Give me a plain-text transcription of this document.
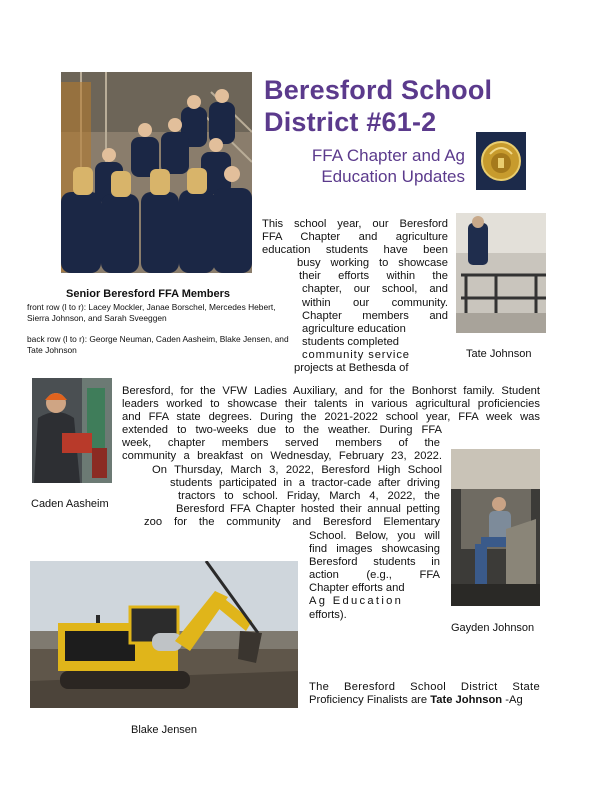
Beresford School
District #61-2
FFA Chapter and Ag
Education Updates
Senior Beresford FFA Members
front row (l to r): Lacey Mockler, Janae Borschel, Mercedes Hebert, Sierra Johnson, and Sarah Sveeggen
back row (l to r): George Neuman, Caden Aasheim, Blake Jensen, and Tate Johnson	Tate Johnson
This school year, our Beresford
FFA Chapter and agriculture
education students have been
busy working to showcase
their efforts within the
chapter, our school, and
within our community.
Chapter members and
agriculture education
students completed
community service
projects at Bethesda of
Caden Aasheim
Beresford, for the VFW Ladies Auxiliary, and for the Bonhorst family. Student
leaders worked to showcase their talents in various agricultural proficiencies
and FFA state degrees. During the 2021-2022 school year, FFA week was
extended to two-weeks due to the weather. During FFA
week, chapter members served members of the
community a breakfast on Wednesday, February 23, 2022.
On Thursday, March 3, 2022, Beresford High School
students participated in a tractor-cade after driving
tractors to school. Friday, March 4, 2022, the
Beresford FFA Chapter hosted their annual petting
zoo for the community and Beresford Elementary
School. Below, you will
find images showcasing
Beresford students in
action (e.g., FFA
Chapter efforts and
Ag Education
efforts).
Gayden Johnson
Blake Jensen
The Beresford School District State
Proficiency Finalists are Tate Johnson -Ag
